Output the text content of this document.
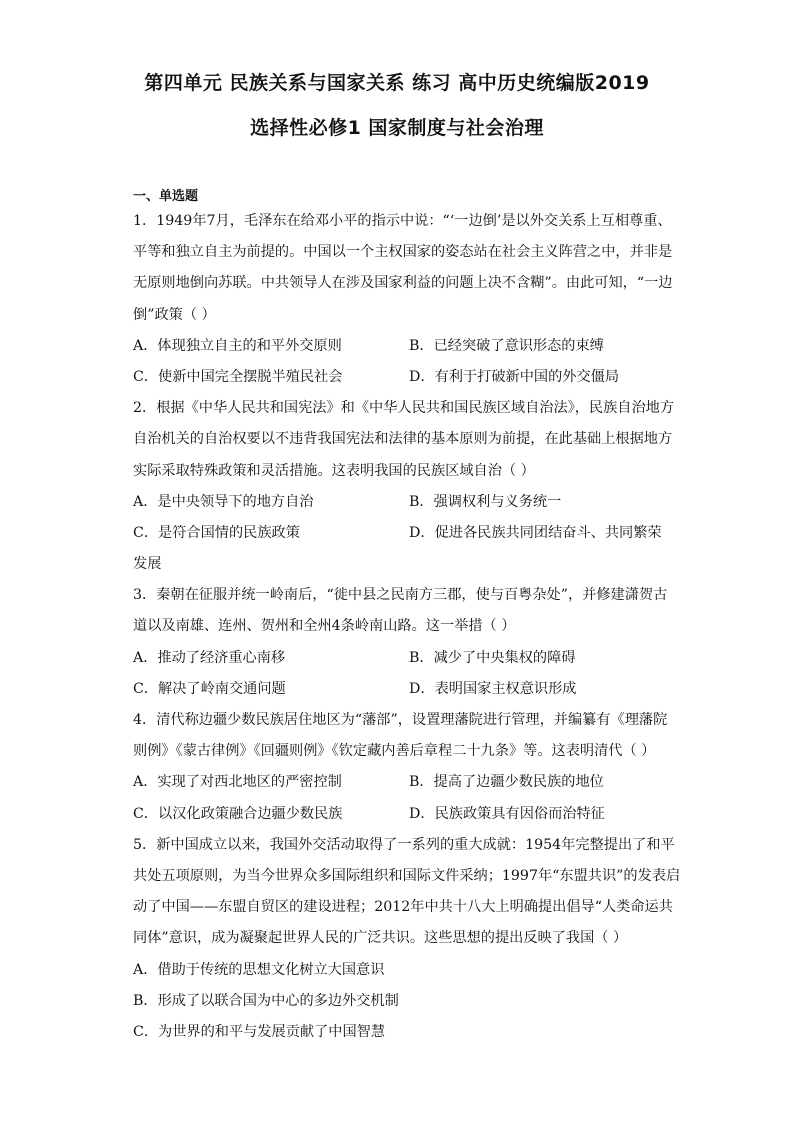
第四单元 民族关系与国家关系 练习 高中历史统编版2019
选择性必修1 国家制度与社会治理
一、单选题
1．1949年7月，毛泽东在给邓小平的指示中说：“‘一边倒’是以外交关系上互相尊重、
平等和独立自主为前提的。中国以一个主权国家的姿态站在社会主义阵营之中，并非是
无原则地倒向苏联。中共领导人在涉及国家利益的问题上决不含糊”。由此可知，“一边
倒”政策（ ）
A．体现独立自主的和平外交原则	B．已经突破了意识形态的束缚
C．使新中国完全摆脱半殖民社会	D．有利于打破新中国的外交僵局
2．根据《中华人民共和国宪法》和《中华人民共和国民族区域自治法》，民族自治地方
自治机关的自治权要以不违背我国宪法和法律的基本原则为前提，在此基础上根据地方
实际采取特殊政策和灵活措施。这表明我国的民族区域自治（ ）
A．是中央领导下的地方自治	B．强调权利与义务统一
C．是符合国情的民族政策	D．促进各民族共同团结奋斗、共同繁荣
发展
3．秦朝在征服并统一岭南后，“徙中县之民南方三郡，使与百粤杂处”，并修建潇贺古
道以及南雄、连州、贺州和全州4条岭南山路。这一举措（ ）
A．推动了经济重心南移	B．减少了中央集权的障碍
C．解决了岭南交通问题	D．表明国家主权意识形成
4．清代称边疆少数民族居住地区为“藩部”，设置理藩院进行管理，并编纂有《理藩院
则例》《蒙古律例》《回疆则例》《钦定藏内善后章程二十九条》等。这表明清代（ ）
A．实现了对西北地区的严密控制	B．提高了边疆少数民族的地位
C．以汉化政策融合边疆少数民族	D．民族政策具有因俗而治特征
5．新中国成立以来，我国外交活动取得了一系列的重大成就：1954年完整提出了和平
共处五项原则，为当今世界众多国际组织和国际文件采纳；1997年“东盟共识”的发表启
动了中国——东盟自贸区的建设进程；2012年中共十八大上明确提出倡导“人类命运共
同体”意识，成为凝聚起世界人民的广泛共识。这些思想的提出反映了我国（ ）
A．借助于传统的思想文化树立大国意识
B．形成了以联合国为中心的多边外交机制
C．为世界的和平与发展贡献了中国智慧
